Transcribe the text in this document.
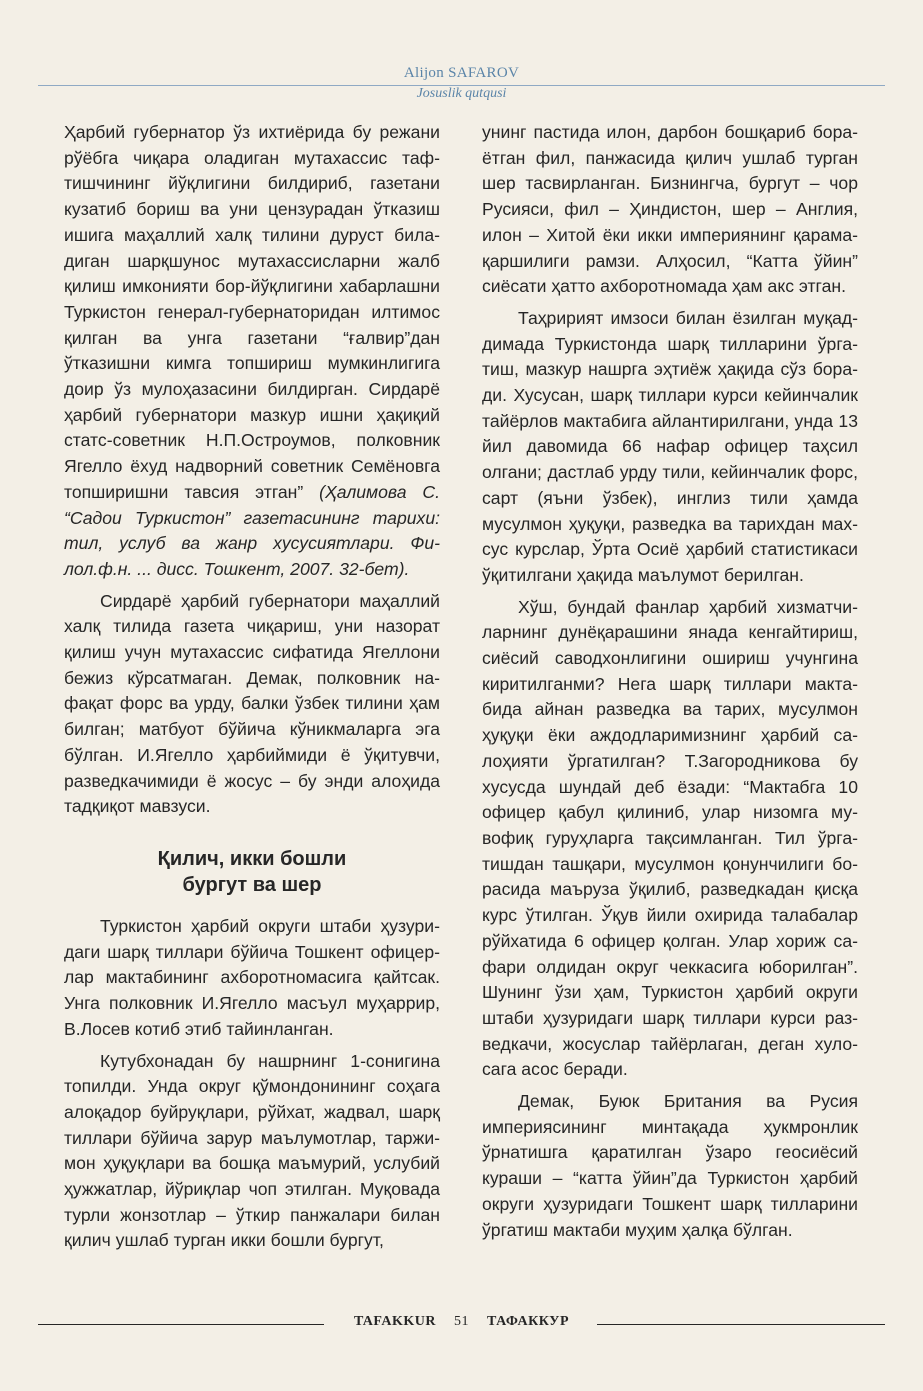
Alijon SAFAROV
Josuslik qutqusi

Ҳарбий губернатор ўз ихтиёрида бу режани рўёбга чиқара оладиган мутахассис тафтишчининг йўқлигини билдириб, газетани кузатиб бориш ва уни цензурадан ўтказиш ишига маҳаллий халқ тилини дуруст биладиган шарқшунос мутахассисларни жалб қилиш имконияти бор-йўқлигини хабарлашни Туркистон генерал-губернаторидан илтимос қилган ва унга газетани “ғалвир”дан ўтказишни кимга топшириш мумкинлигига доир ўз мулоҳазасини билдирган. Сирдарё ҳарбий губернатори мазкур ишни ҳақиқий статс-советник Н.П.Остроумов, полковник Ягелло ёхуд надворний советник Семёновга топширишни тавсия этган” (Ҳалимова С. “Садои Туркистон” газетасининг тарихи: тил, услуб ва жанр хусусиятлари. Филол.ф.н. ... дисс. Тошкент, 2007. 32-бет).

Сирдарё ҳарбий губернатори маҳаллий халқ тилида газета чиқариш, уни назорат қилиш учун мутахассис сифатида Ягеллони бежиз кўрсатмаган. Демак, полковник нафақат форс ва урду, балки ўзбек тилини ҳам билган; матбуот бўйича кўникмаларга эга бўлган. И.Ягелло ҳарбиймиди ё ўқитувчи, разведкачимиди ё жосус – бу энди алоҳида тадқиқот мавзуси.

Қилич, икки бошли
бургут ва шер

Туркистон ҳарбий округи штаби ҳузуридаги шарқ тиллари бўйича Тошкент офицерлар мактабининг ахборотномасига қайтсак. Унга полковник И.Ягелло масъул муҳаррир, В.Лосев котиб этиб тайинланган.

Кутубхонадан бу нашрнинг 1-сонигина топилди. Унда округ қўмондонининг соҳага алоқадор буйруқлари, рўйхат, жадвал, шарқ тиллари бўйича зарур маълумотлар, таржимон ҳуқуқлари ва бошқа маъмурий, услубий ҳужжатлар, йўриқлар чоп этилган. Муқовада турли жонзотлар – ўткир панжалари билан қилич ушлаб турган икки бошли бургут,

унинг пастида илон, дарбон бошқариб бораётган фил, панжасида қилич ушлаб турган шер тасвирланган. Бизнингча, бургут – чор Русияси, фил – Ҳиндистон, шер – Англия, илон – Хитой ёки икки империянинг қарама-қаршилиги рамзи. Алҳосил, “Катта ўйин” сиёсати ҳатто ахборотномада ҳам акс этган.

Таҳририят имзоси билан ёзилган муқаддимада Туркистонда шарқ тилларини ўргатиш, мазкур нашрга эҳтиёж ҳақида сўз боради. Хусусан, шарқ тиллари курси кейинчалик тайёрлов мактабига айлантирилгани, унда 13 йил давомида 66 нафар офицер таҳсил олгани; дастлаб урду тили, кейинчалик форс, сарт (яъни ўзбек), инглиз тили ҳамда мусулмон ҳуқуқи, разведка ва тарихдан махсус курслар, Ўрта Осиё ҳарбий статистикаси ўқитилгани ҳақида маълумот берилган.

Хўш, бундай фанлар ҳарбий хизматчиларнинг дунёқарашини янада кенгайтириш, сиёсий саводхонлигини ошириш учунгина киритилганми? Нега шарқ тиллари мактабида айнан разведка ва тарих, мусулмон ҳуқуқи ёки аждодларимизнинг ҳарбий салоҳияти ўргатилган? Т.Загородникова бу хусусда шундай деб ёзади: “Мактабга 10 офицер қабул қилиниб, улар низомга мувофиқ гуруҳларга тақсимланган. Тил ўргатишдан ташқари, мусулмон қонунчилиги борасида маъруза ўқилиб, разведкадан қисқа курс ўтилган. Ўқув йили охирида талабалар рўйхатида 6 офицер қолган. Улар хориж сафари олдидан округ чеккасига юборилган”. Шунинг ўзи ҳам, Туркистон ҳарбий округи штаби ҳузуридаги шарқ тиллари курси разведкачи, жосуслар тайёрлаган, деган хулосага асос беради.

Демак, Буюк Британия ва Русия империясининг минтақада ҳукмронлик ўрнатишга қаратилган ўзаро геосиёсий кураши – “катта ўйин”да Туркистон ҳарбий округи ҳузуридаги Тошкент шарқ тилларини ўргатиш мактаби муҳим ҳалқа бўлган.

TAFAKKUR 51 ТАФАККУР
